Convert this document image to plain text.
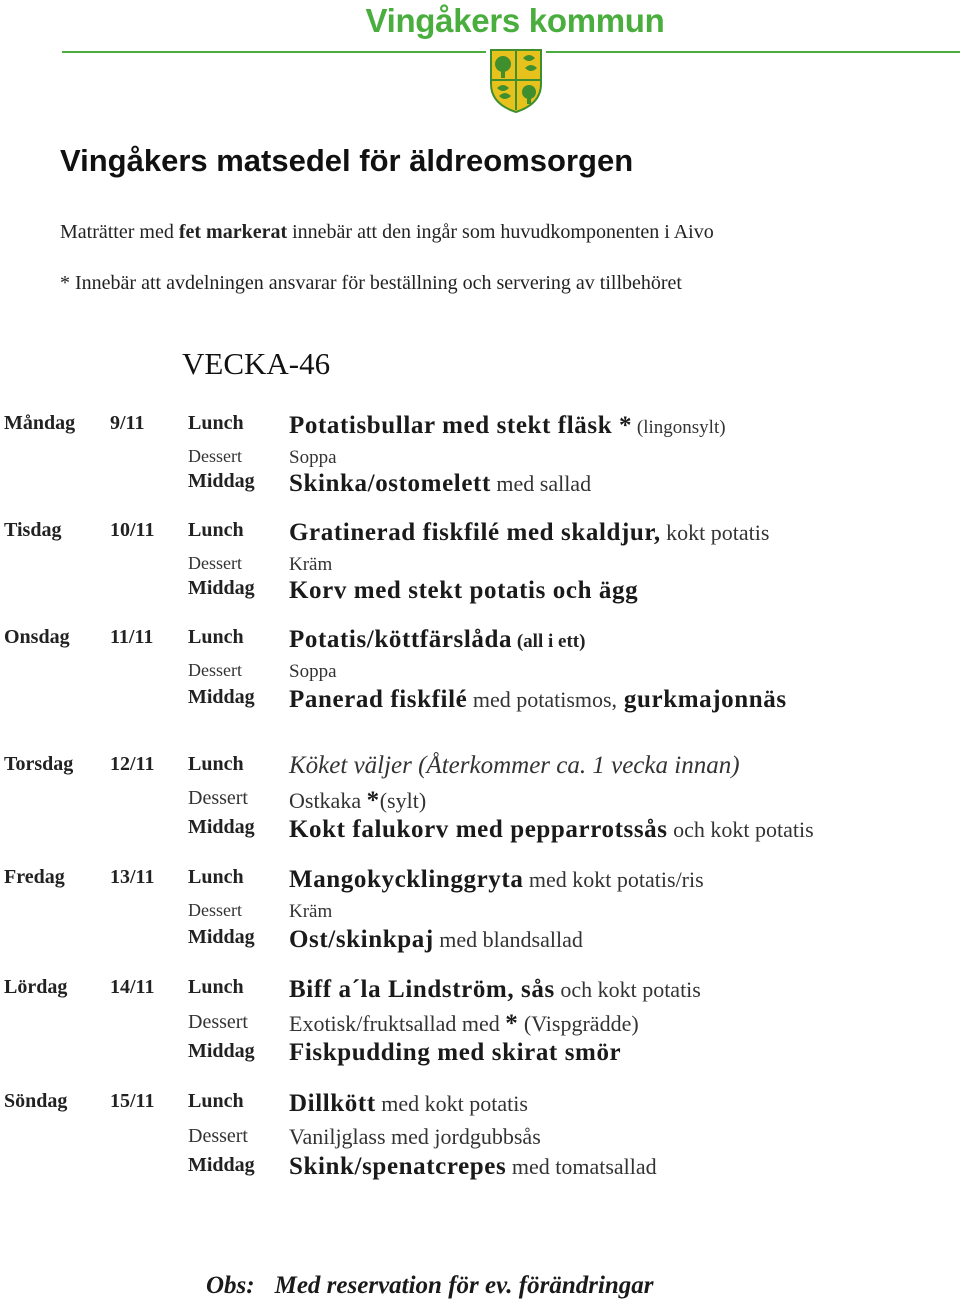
Vingåkers kommun
Vingåkers matsedel för äldreomsorgen
Maträtter med fet markerat innebär att den ingår som huvudkomponenten i Aivo
* Innebär att avdelningen ansvarar för beställning och servering av tillbehöret
VECKA-46
Måndag 9/11 Lunch Potatisbullar med stekt fläsk * (lingonsylt)
Dessert Soppa
Middag Skinka/ostomelett med sallad
Tisdag 10/11 Lunch Gratinerad fiskfilé med skaldjur, kokt potatis
Dessert Kräm
Middag Korv med stekt potatis och ägg
Onsdag 11/11 Lunch Potatis/köttfärslåda (all i ett)
Dessert Soppa
Middag Panerad fiskfilé med potatismos, gurkmajonnäs
Torsdag 12/11 Lunch Köket väljer (Återkommer ca. 1 vecka innan)
Dessert Ostkaka *(sylt)
Middag Kokt falukorv med pepparrotssås och kokt potatis
Fredag 13/11 Lunch Mangokycklinggryta med kokt potatis/ris
Dessert Kräm
Middag Ost/skinkpaj med blandsallad
Lördag 14/11 Lunch Biff a´la Lindström, sås och kokt potatis
Dessert Exotisk/fruktsallad med * (Vispgrädde)
Middag Fiskpudding med skirat smör
Söndag 15/11 Lunch Dillkött med kokt potatis
Dessert Vaniljglass med jordgubbsås
Middag Skink/spenatcrepes med tomatsallad
Obs: Med reservation för ev. förändringar
